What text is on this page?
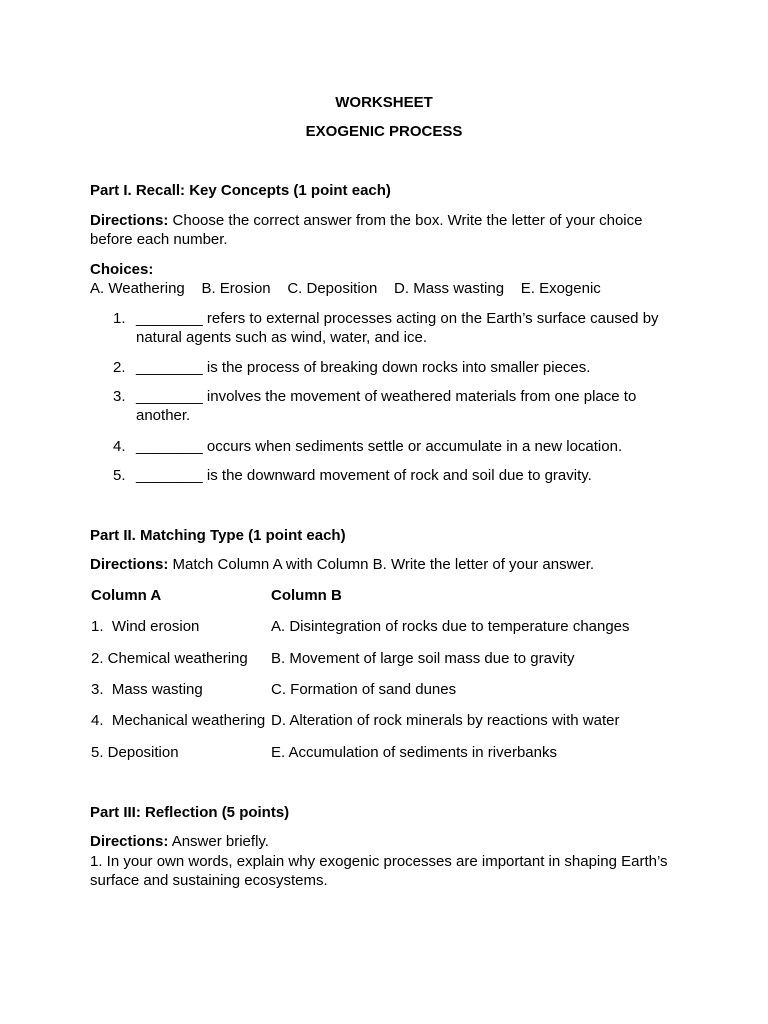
WORKSHEET
EXOGENIC PROCESS
Part I. Recall: Key Concepts (1 point each)
Directions: Choose the correct answer from the box. Write the letter of your choice before each number.
Choices:
A. Weathering    B. Erosion    C. Deposition    D. Mass wasting    E. Exogenic
1. ________ refers to external processes acting on the Earth’s surface caused by natural agents such as wind, water, and ice.
2. ________ is the process of breaking down rocks into smaller pieces.
3. ________ involves the movement of weathered materials from one place to another.
4. ________ occurs when sediments settle or accumulate in a new location.
5. ________ is the downward movement of rock and soil due to gravity.
Part II. Matching Type (1 point each)
Directions: Match Column A with Column B. Write the letter of your answer.
Column A	Column B
1.  Wind erosion	A. Disintegration of rocks due to temperature changes
2. Chemical weathering B. Movement of large soil mass due to gravity
3.  Mass wasting	C. Formation of sand dunes
4.  Mechanical weathering D. Alteration of rock minerals by reactions with water
5. Deposition	E. Accumulation of sediments in riverbanks
Part III: Reflection (5 points)
Directions: Answer briefly.
1. In your own words, explain why exogenic processes are important in shaping Earth’s surface and sustaining ecosystems.
